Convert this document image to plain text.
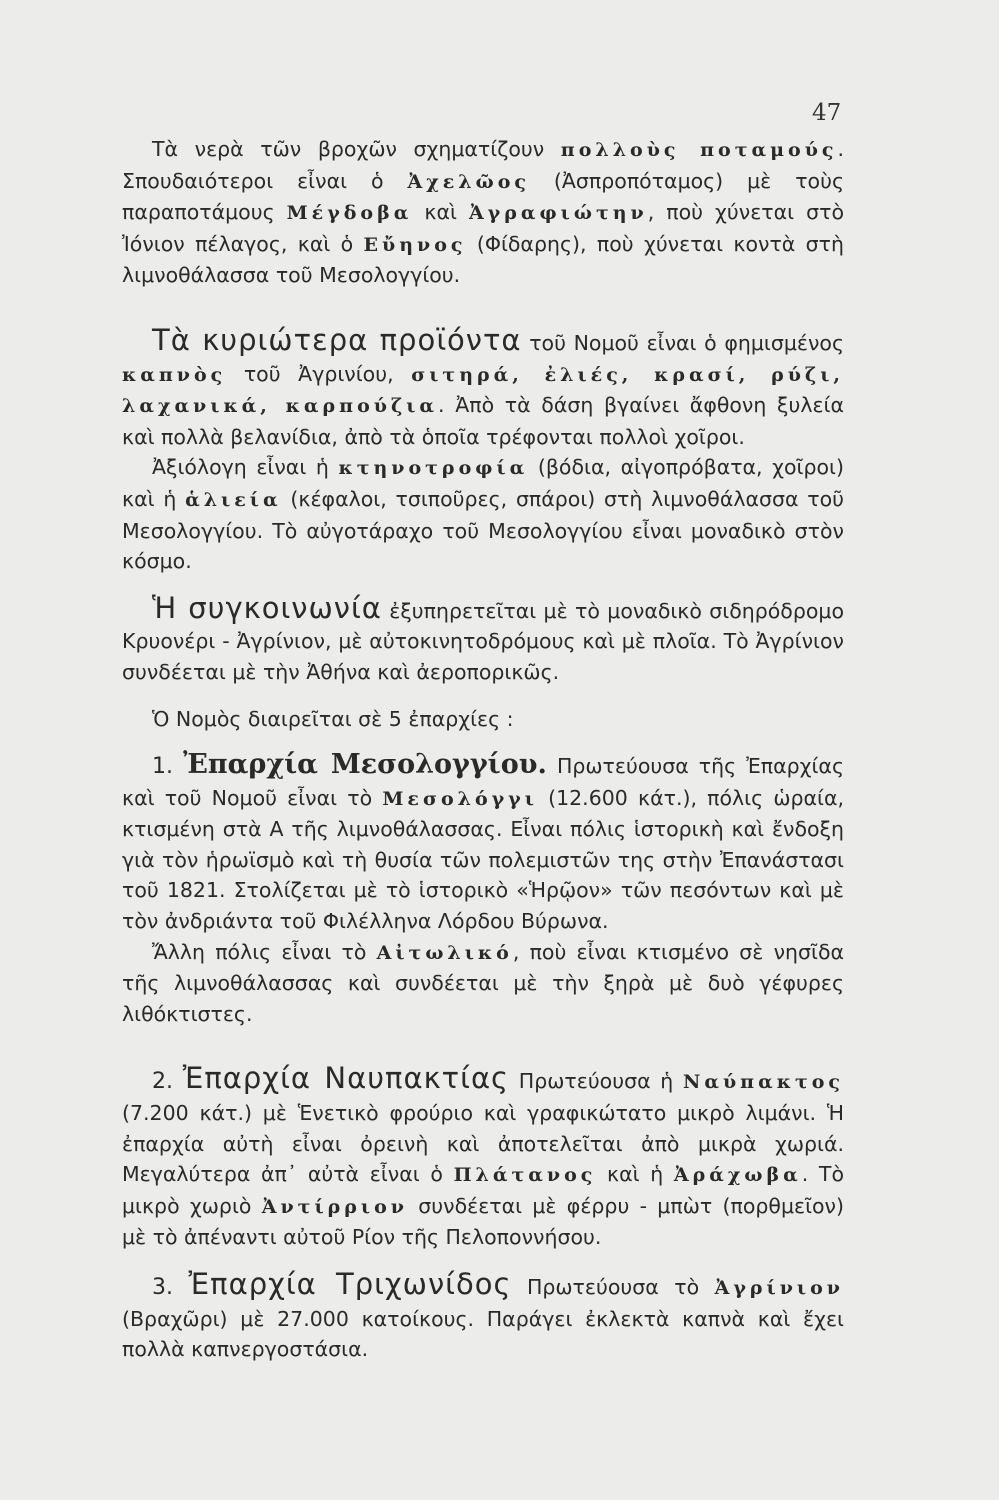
47

Τὰ νερὰ τῶν βροχῶν σχηματίζουν πολλοὺς ποταμούς. Σπουδαιότεροι εἶναι ὁ Ἀχελῶος (Ἀσπροπόταμος) μὲ τοὺς παραποτάμους Μέγδοβα καὶ Ἀγραφιώτην, ποὺ χύνεται στὸ Ἰόνιον πέλαγος, καὶ ὁ Εὔηνος (Φίδαρης), ποὺ χύνεται κοντὰ στὴ λιμνοθάλασσα τοῦ Μεσολογγίου.

Τὰ κυριώτερα προϊόντα τοῦ Νομοῦ εἶναι ὁ φημισμένος καπνὸς τοῦ Ἀγρινίου, σιτηρά, ἐλιές, κρασί, ρύζι, λαχανικά, καρπούζια. Ἀπὸ τὰ δάση βγαίνει ἄφθονη ξυλεία καὶ πολλὰ βελανίδια, ἀπὸ τὰ ὁποῖα τρέφονται πολλοὶ χοῖροι.

Ἀξιόλογη εἶναι ἡ κτηνοτροφία (βόδια, αἰγοπρόβατα, χοῖροι) καὶ ἡ ἁλιεία (κέφαλοι, τσιποῦρες, σπάροι) στὴ λιμνοθάλασσα τοῦ Μεσολογγίου. Τὸ αὐγοτάραχο τοῦ Μεσολογγίου εἶναι μοναδικὸ στὸν κόσμο.

Ἡ συγκοινωνία ἐξυπηρετεῖται μὲ τὸ μοναδικὸ σιδηρόδρομο Κρυονέρι - Ἀγρίνιον, μὲ αὐτοκινητοδρόμους καὶ μὲ πλοῖα. Τὸ Ἀγρίνιον συνδέεται μὲ τὴν Ἀθήνα καὶ ἀεροπορικῶς.

Ὁ Νομὸς διαιρεῖται σὲ 5 ἐπαρχίες :

1. Ἐπαρχία Μεσολογγίου. Πρωτεύουσα τῆς Ἐπαρχίας καὶ τοῦ Νομοῦ εἶναι τὸ Μεσολόγγι (12.600 κάτ.), πόλις ὡραία, κτισμένη στὰ Α τῆς λιμνοθάλασσας. Εἶναι πόλις ἱστορικὴ καὶ ἔνδοξη γιὰ τὸν ἡρωϊσμὸ καὶ τὴ θυσία τῶν πολεμιστῶν της στὴν Ἐπανάστασι τοῦ 1821. Στολίζεται μὲ τὸ ἱστορικὸ «Ἡρῷον» τῶν πεσόντων καὶ μὲ τὸν ἀνδριάντα τοῦ Φιλέλληνα Λόρδου Βύρωνα.

Ἄλλη πόλις εἶναι τὸ Αἰτωλικό, ποὺ εἶναι κτισμένο σὲ νησῖδα τῆς λιμνοθάλασσας καὶ συνδέεται μὲ τὴν ξηρὰ μὲ δυὸ γέφυρες λιθόκτιστες.

2. Ἐπαρχία Ναυπακτίας Πρωτεύουσα ἡ Ναύπακτος (7.200 κάτ.) μὲ Ἑνετικὸ φρούριο καὶ γραφικώτατο μικρὸ λιμάνι. Ἡ ἐπαρχία αὐτὴ εἶναι ὀρεινὴ καὶ ἀποτελεῖται ἀπὸ μικρὰ χωριά. Μεγαλύτερα ἀπ᾽ αὐτὰ εἶναι ὁ Πλάτανος καὶ ἡ Ἀράχωβα. Τὸ μικρὸ χωριὸ Ἀντίρριον συνδέεται μὲ φέρρυ - μπὼτ (πορθμεῖον) μὲ τὸ ἀπέναντι αὐτοῦ Ρίον τῆς Πελοποννήσου.

3. Ἐπαρχία Τριχωνίδος Πρωτεύουσα τὸ Ἀγρίνιον (Βραχῶρι) μὲ 27.000 κατοίκους. Παράγει ἐκλεκτὰ καπνὰ καὶ ἔχει πολλὰ καπνεργοστάσια.
